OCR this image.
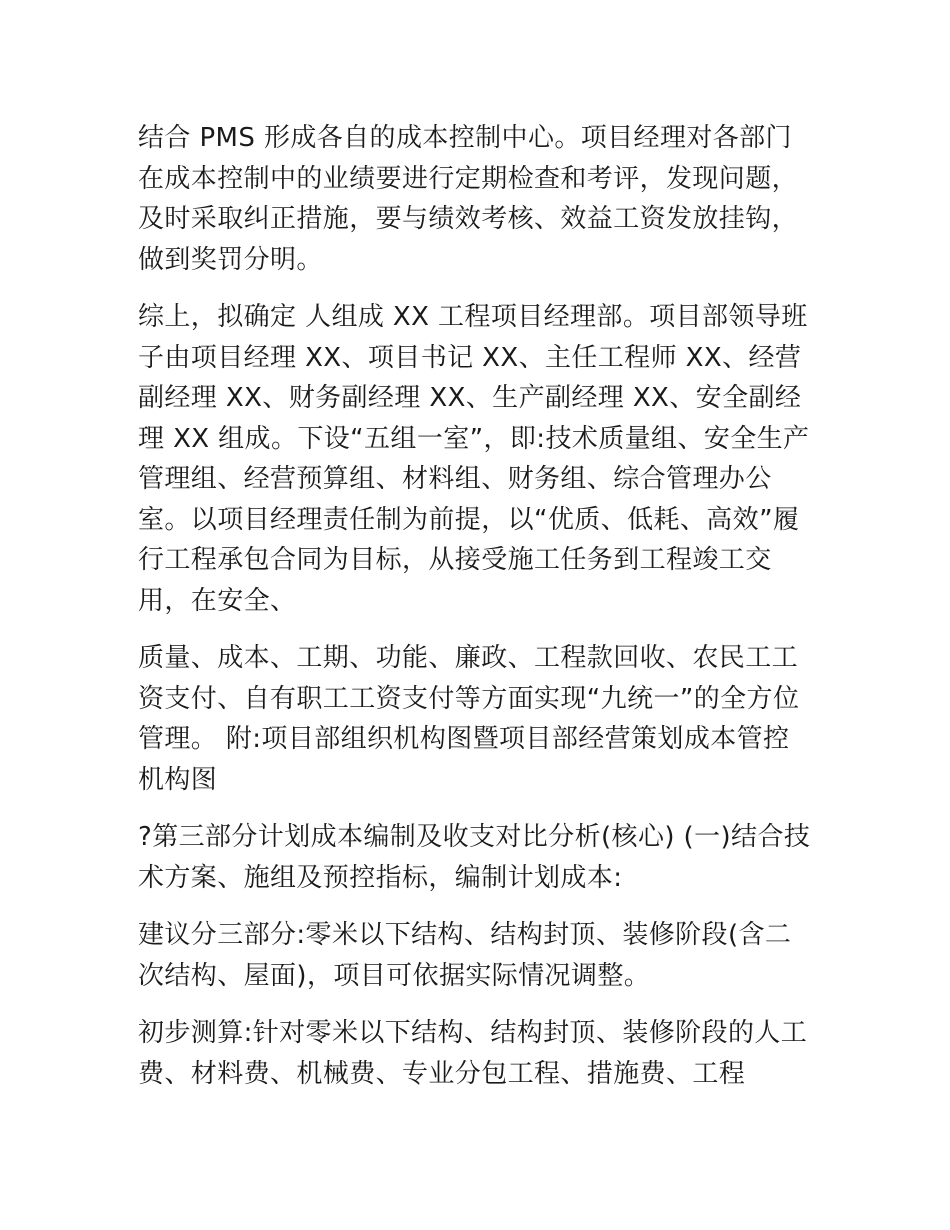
结合 PMS 形成各自的成本控制中心。项目经理对各部门在成本控制中的业绩要进行定期检查和考评，发现问题，及时采取纠正措施，要与绩效考核、效益工资发放挂钩，做到奖罚分明。

综上，拟确定 人组成 XX 工程项目经理部。项目部领导班子由项目经理 XX、项目书记 XX、主任工程师 XX、经营副经理 XX、财务副经理 XX、生产副经理 XX、安全副经理 XX 组成。下设“五组一室”，即:技术质量组、安全生产管理组、经营预算组、材料组、财务组、综合管理办公室。以项目经理责任制为前提，以“优质、低耗、高效”履行工程承包合同为目标，从接受施工任务到工程竣工交用，在安全、

质量、成本、工期、功能、廉政、工程款回收、农民工工资支付、自有职工工资支付等方面实现“九统一”的全方位管理。 附:项目部组织机构图暨项目部经营策划成本管控机构图

?第三部分计划成本编制及收支对比分析(核心) (一)结合技术方案、施组及预控指标，编制计划成本:

建议分三部分:零米以下结构、结构封顶、装修阶段(含二次结构、屋面)，项目可依据实际情况调整。

初步测算:针对零米以下结构、结构封顶、装修阶段的人工费、材料费、机械费、专业分包工程、措施费、工程
